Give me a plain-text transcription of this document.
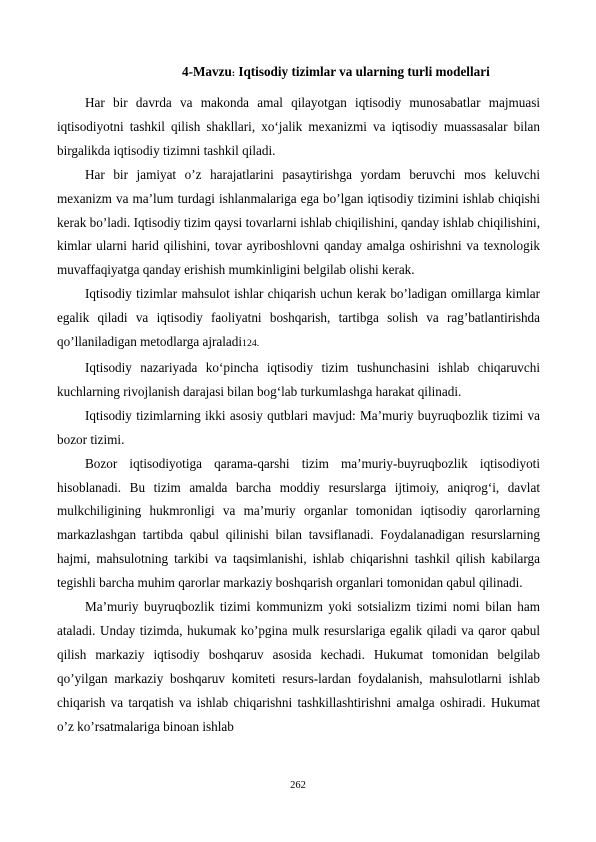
4-Mavzu: Iqtisodiy tizimlar va ularning turli modellari

Har bir davrda va makonda amal qilayotgan iqtisodiy munosabatlar majmuasi iqtisodiyotni tashkil qilish shakllari, xo‘jalik mexanizmi va iqtisodiy muassasalar bilan birgalikda iqtisodiy tizimni tashkil qiladi.

Har bir jamiyat o’z harajatlarini pasaytirishga yordam beruvchi mos keluvchi mexanizm va ma’lum turdagi ishlanmalariga ega bo’lgan iqtisodiy tizimini ishlab chiqishi kerak bo’ladi. Iqtisodiy tizim qaysi tovarlarni ishlab chiqilishini, qanday ishlab chiqilishini, kimlar ularni harid qilishini, tovar ayriboshlovni qanday amalga oshirishni va texnologik muvaffaqiyatga qanday erishish mumkinligini belgilab olishi kerak.

Iqtisodiy tizimlar mahsulot ishlar chiqarish uchun kerak bo’ladigan omillarga kimlar egalik qiladi va iqtisodiy faoliyatni boshqarish, tartibga solish va rag’batlantirishda qo’llaniladigan metodlarga ajraladi124.

Iqtisodiy nazariyada ko‘pincha iqtisodiy tizim tushunchasini ishlab chiqaruvchi kuchlarning rivojlanish darajasi bilan bog‘lab turkumlashga harakat qilinadi.

Iqtisodiy tizimlarning ikki asosiy qutblari mavjud: Ma’muriy buyruqbozlik tizimi va bozor tizimi.

Bozor iqtisodiyotiga qarama-qarshi tizim ma’muriy-buyruqbozlik iqtisodiyoti hisoblanadi. Bu tizim amalda barcha moddiy resurslarga ijtimoiy, aniqrog‘i, davlat mulkchiligining hukmronligi va ma’muriy organlar tomonidan iqtisodiy qarorlarning markazlashgan tartibda qabul qilinishi bilan tavsiflanadi. Foydalanadigan resurslarning hajmi, mahsulotning tarkibi va taqsimlanishi, ishlab chiqarishni tashkil qilish kabilarga tegishli barcha muhim qarorlar markaziy boshqarish organlari tomonidan qabul qilinadi.

Ma’muriy buyruqbozlik tizimi kommunizm yoki sotsializm tizimi nomi bilan ham ataladi. Unday tizimda, hukumak ko’pgina mulk resurslariga egalik qiladi va qaror qabul qilish markaziy iqtisodiy boshqaruv asosida kechadi. Hukumat tomonidan belgilab qo’yilgan markaziy boshqaruv komiteti resurs-lardan foydalanish, mahsulotlarni ishlab chiqarish va tarqatish va ishlab chiqarishni tashkillashtirishni amalga oshiradi. Hukumat o’z ko’rsatmalariga binoan ishlab

262
